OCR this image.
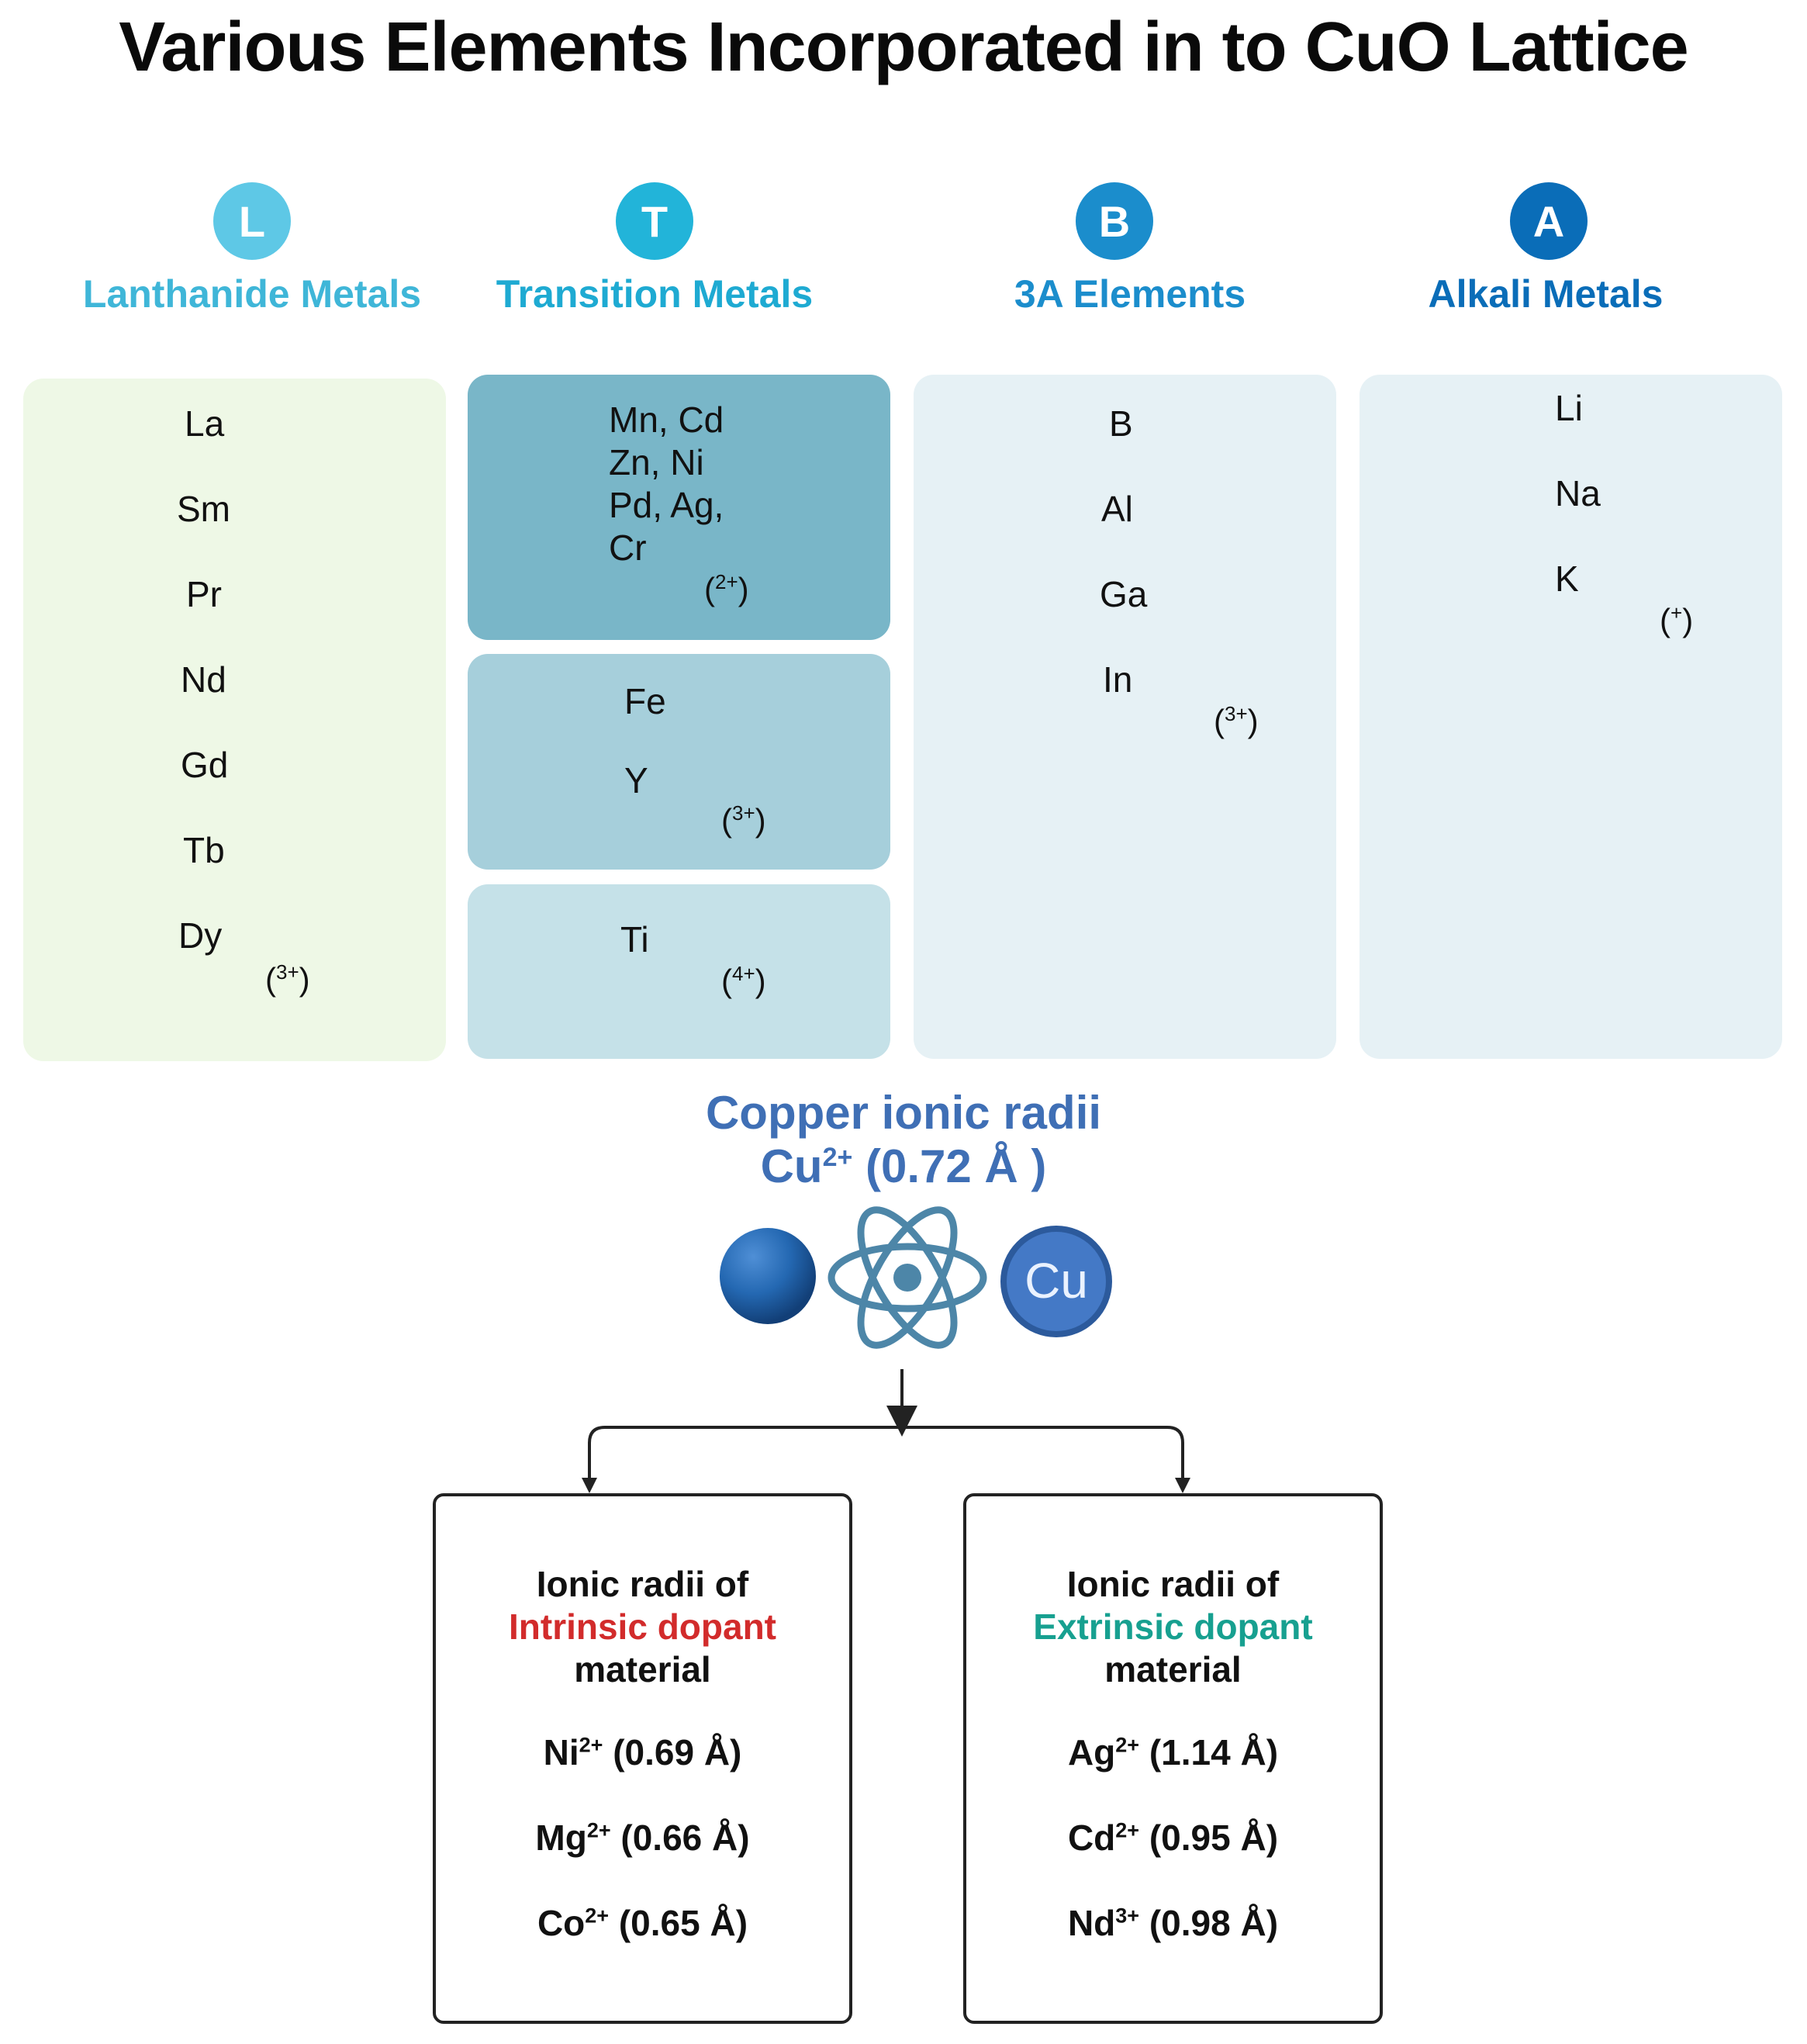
Various Elements Incorporated in to CuO Lattice
L
Lanthanide Metals
T
Transition Metals
B
3A Elements
A
Alkali Metals
La
Sm
Pr
Nd
Gd
Tb
Dy
($^{3+}$)
Mn, Cd
Zn, Ni
Pd, Ag,
Cr
($^{2+}$)
Fe
Y
($^{3+}$)
Ti
($^{4+}$)
B
Al
Ga
In
($^{3+}$)
Li
Na
K
(+)
Copper ionic radii
$Cu^{2+}$ (0.72 Å )
Cu
Ionic radii of
Intrinsic dopant
material
$Ni^{2+}$ (0.69 Å)
$Mg^{2+}$ (0.66 Å)
$Co^{2+}$ (0.65 Å)
Ionic radii of
Extrinsic dopant
material
$Ag^{2+}$ (1.14 Å)
$Cd^{2+}$ (0.95 Å)
$Nd^{3+}$ (0.98 Å)
